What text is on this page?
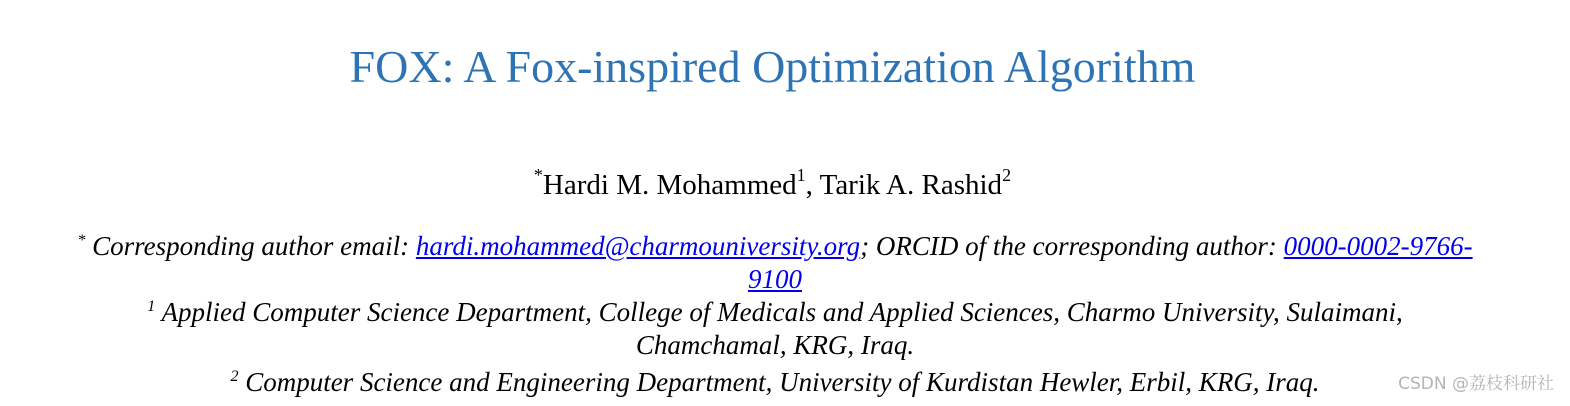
FOX: A Fox-inspired Optimization Algorithm
*Hardi M. Mohammed$^1$, Tarik A. Rashid$^2$
* Corresponding author email: hardi.mohammed@charmouniversity.org; ORCID of the corresponding author: 0000-0002-9766-
9100
$^1$ Applied Computer Science Department, College of Medicals and Applied Sciences, Charmo University, Sulaimani,
Chamchamal, KRG, Iraq.
$^2$ Computer Science and Engineering Department, University of Kurdistan Hewler, Erbil, KRG, Iraq.	CSDN @荔枝科研社
